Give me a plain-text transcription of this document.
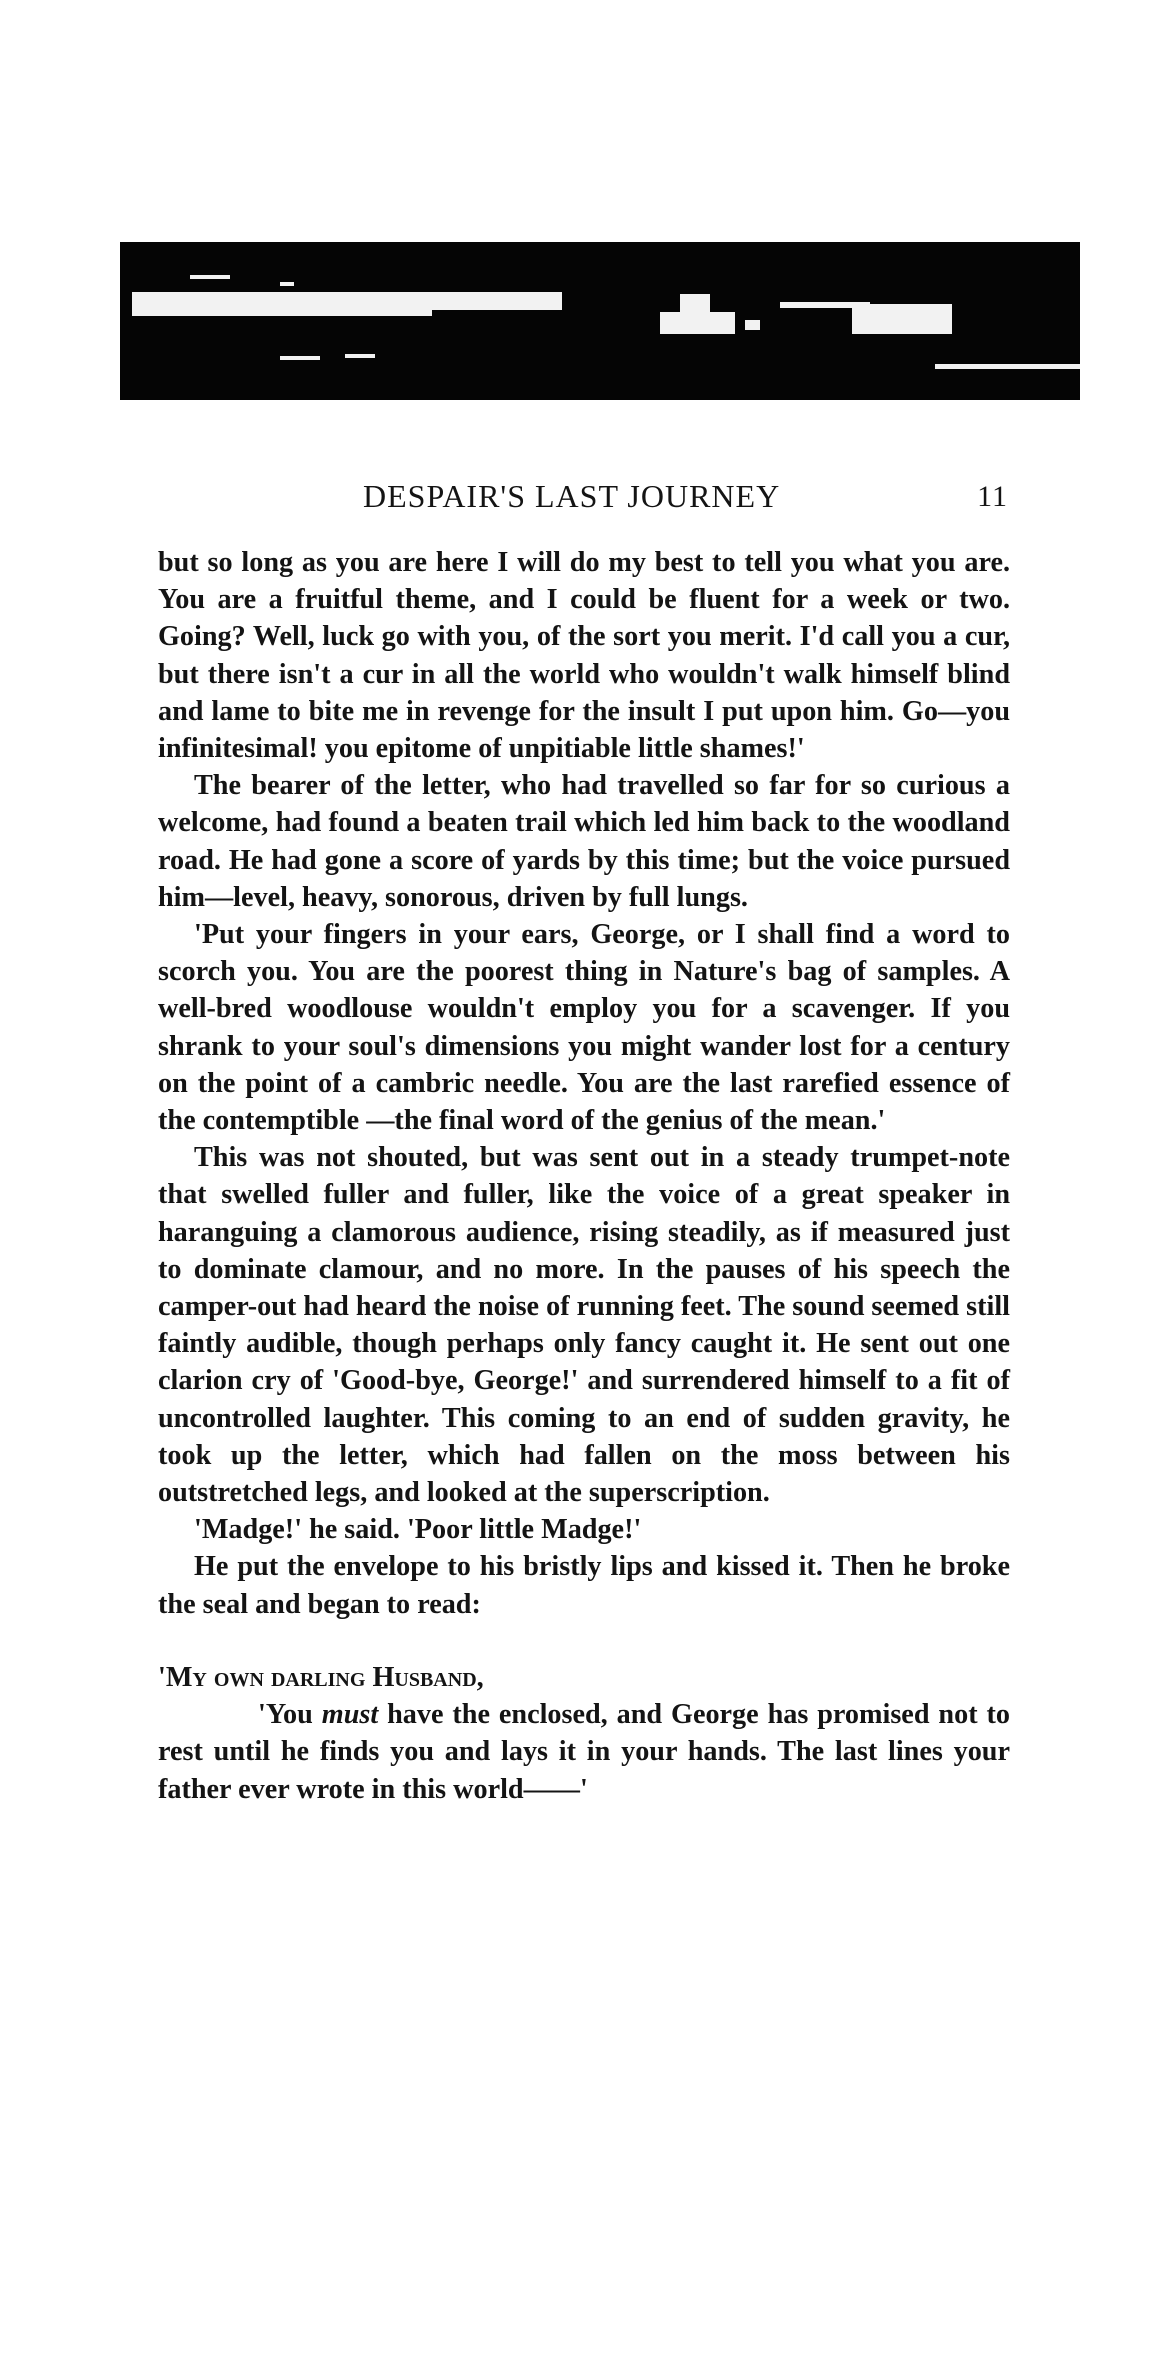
DESPAIR'S LAST JOURNEY	11

but so long as you are here I will do my best to tell you what you are. You are a fruitful theme, and I could be fluent for a week or two. Going? Well, luck go with you, of the sort you merit. I'd call you a cur, but there isn't a cur in all the world who wouldn't walk himself blind and lame to bite me in revenge for the insult I put upon him. Go—you infinitesimal! you epitome of unpitiable little shames!'

The bearer of the letter, who had travelled so far for so curious a welcome, had found a beaten trail which led him back to the woodland road. He had gone a score of yards by this time; but the voice pursued him—level, heavy, sonorous, driven by full lungs.

'Put your fingers in your ears, George, or I shall find a word to scorch you. You are the poorest thing in Nature's bag of samples. A well-bred woodlouse wouldn't employ you for a scavenger. If you shrank to your soul's dimensions you might wander lost for a century on the point of a cambric needle. You are the last rarefied essence of the contemptible —the final word of the genius of the mean.'

This was not shouted, but was sent out in a steady trumpet-note that swelled fuller and fuller, like the voice of a great speaker in haranguing a clamorous audience, rising steadily, as if measured just to dominate clamour, and no more. In the pauses of his speech the camper-out had heard the noise of running feet. The sound seemed still faintly audible, though perhaps only fancy caught it. He sent out one clarion cry of 'Good-bye, George!' and surrendered himself to a fit of uncontrolled laughter. This coming to an end of sudden gravity, he took up the letter, which had fallen on the moss between his outstretched legs, and looked at the superscription.

'Madge!' he said. 'Poor little Madge!'

He put the envelope to his bristly lips and kissed it. Then he broke the seal and began to read:

'My own darling Husband,

'You must have the enclosed, and George has promised not to rest until he finds you and lays it in your hands. The last lines your father ever wrote in this world——'
